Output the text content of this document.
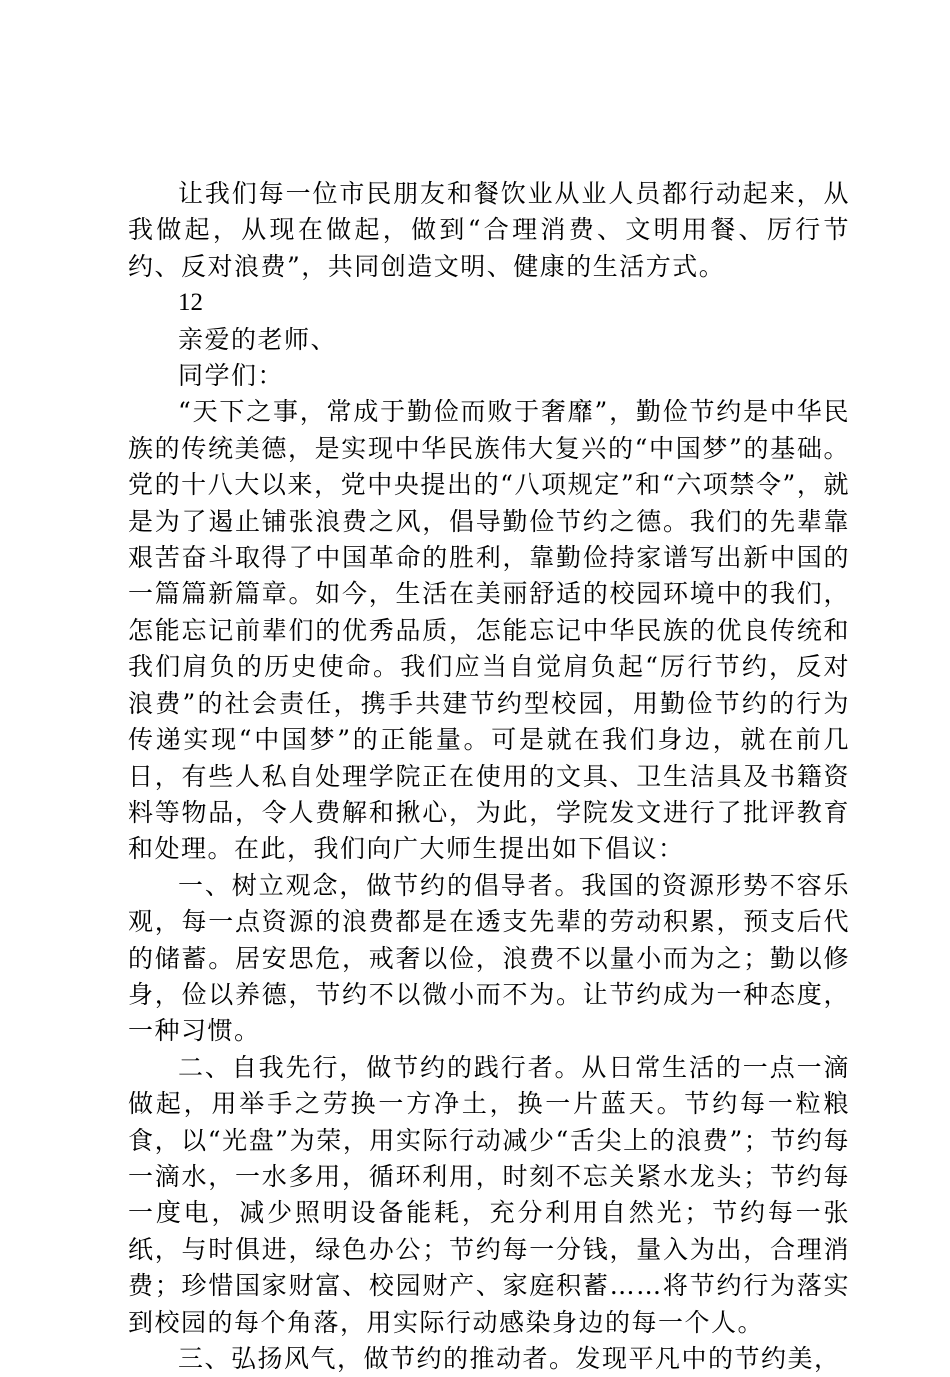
让我们每一位市民朋友和餐饮业从业人员都行动起来，从我做起，从现在做起，做到“合理消费、文明用餐、厉行节约、反对浪费”，共同创造文明、健康的生活方式。

12

亲爱的老师、

同学们：

“天下之事，常成于勤俭而败于奢靡”，勤俭节约是中华民族的传统美德，是实现中华民族伟大复兴的“中国梦”的基础。党的十八大以来，党中央提出的“八项规定”和“六项禁令”，就是为了遏止铺张浪费之风，倡导勤俭节约之德。我们的先辈靠艰苦奋斗取得了中国革命的胜利，靠勤俭持家谱写出新中国的一篇篇新篇章。如今，生活在美丽舒适的校园环境中的我们，怎能忘记前辈们的优秀品质，怎能忘记中华民族的优良传统和我们肩负的历史使命。我们应当自觉肩负起“厉行节约，反对浪费”的社会责任，携手共建节约型校园，用勤俭节约的行为传递实现“中国梦”的正能量。可是就在我们身边，就在前几日，有些人私自处理学院正在使用的文具、卫生洁具及书籍资料等物品，令人费解和揪心，为此，学院发文进行了批评教育和处理。在此，我们向广大师生提出如下倡议：

一、树立观念，做节约的倡导者。我国的资源形势不容乐观，每一点资源的浪费都是在透支先辈的劳动积累，预支后代的储蓄。居安思危，戒奢以俭，浪费不以量小而为之；勤以修身，俭以养德，节约不以微小而不为。让节约成为一种态度，一种习惯。

二、自我先行，做节约的践行者。从日常生活的一点一滴做起，用举手之劳换一方净土，换一片蓝天。节约每一粒粮食，以“光盘”为荣，用实际行动减少“舌尖上的浪费”；节约每一滴水，一水多用，循环利用，时刻不忘关紧水龙头；节约每一度电，减少照明设备能耗，充分利用自然光；节约每一张纸，与时俱进，绿色办公；节约每一分钱，量入为出，合理消费；珍惜国家财富、校园财产、家庭积蓄……将节约行为落实到校园的每个角落，用实际行动感染身边的每一个人。

三、弘扬风气，做节约的推动者。发现平凡中的节约美，
